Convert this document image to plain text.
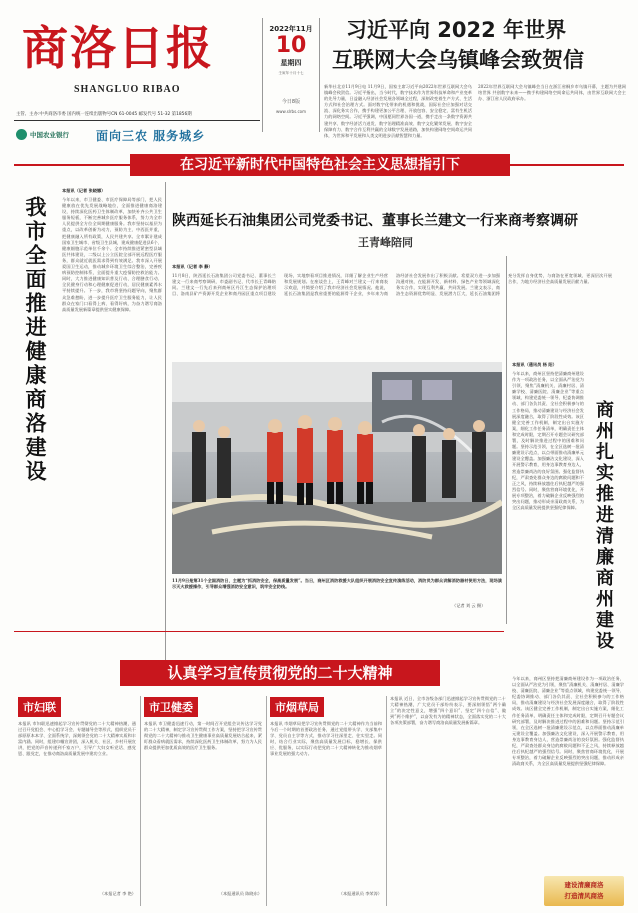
商洛日报
SHANGLUO RIBAO
2022年11月
10
星期四
壬寅年十月十七
今日8版
www.slrbs.com
主管、主办:中共商洛市委 国内统一连续出版物号CN 61-0045 邮发代号 51-32 第1856期
中国农业银行 面向三农 服务城乡
习近平向 2022 年世界
互联网大会乌镇峰会致贺信
新华社北京11月9日电 11月9日，国家主席习近平向2022年世界互联网大会乌镇峰会致贺信。习近平指出，当今时代，数字技术作为世界科技革命和产业变革的先导力量，日益融入经济社会发展各领域全过程，深刻改变着生产方式、生活方式和社会治理方式。面对数字化带来的机遇和挑战，国际社会应加强对话交流、深化务实合作，携手构建更加公平合理、开放包容、安全稳定、富有生机活力的网络空间。习近平强调，中国愿同世界各国一道，携手走出一条数字资源共建共享、数字经济活力迸发、数字治理精准高效、数字文化繁荣发展、数字安全保障有力、数字合作互利共赢的全球数字发展道路，加快构建网络空间命运共同体，为世界和平发展和人类文明进步贡献智慧和力量。
2022年世界互联网大会乌镇峰会当日在浙江省桐乡市乌镇开幕，主题为共建网络世界 共创数字未来——携手构建网络空间命运共同体，由世界互联网大会主办、浙江省人民政府承办。
在习近平新时代中国特色社会主义思想指引下
我市全面推进健康商洛建设
本报讯（记者 张晓娜）
今年以来，市卫健委、市医疗保障局等部门，把人民健康放在优先发展战略地位，全面推进健康商洛建设，持续深化医药卫生体制改革，加快补齐公共卫生服务短板，不断完善城乡医疗服务体系，努力为全市人民提供全方位全周期健康服务。我市坚持以基层为重点，以改革创新为动力，预防为主、中西医并重，把健康融入所有政策，人民共建共享。全市累计建成国家卫生城市、省级卫生县城，建成健康促进县6个、健康细胞示范单位千余个。全市持续推进紧密型县域医共体建设，二级以上公立医院全部开展远程医疗服务，群众就近就医需求得到有效满足。我市深入开展爱国卫生运动，推动城乡环境卫生综合整治，完善疾病预防控制体系，全面提升重大疫情防控救治能力。同时，大力推进健康知识普及行动、合理膳食行动、全民健身行动和心理健康促进行动，居民健康素养水平持续提升。下一步，我市将坚持问题导向，聚焦群众急难愁盼，进一步提升医疗卫生服务能力，让人民群众在家门口看得上病、看得好病，为奋力谱写商洛高质量发展新篇章提供坚实健康保障。
陕西延长石油集团公司党委书记、董事长兰建文一行来商考察调研
王青峰陪同
本报讯（记者 李 静）
11月8日，陕西延长石油集团公司党委书记、董事长兰建文一行来商考察调研，市委副书记、代市长王青峰陪同。兰建文一行先后来到商州区丹江生态保护治理项目、洛南县矿产资源开发企业和商丹园区重点项目建设现场，实地察看项目推进情况，详细了解企业生产经营和发展规划。在座谈会上，王青峰对兰建文一行来商表示欢迎，并简要介绍了我市经济社会发展情况。他说，延长石油集团是我省重要的能源骨干企业，多年来为商洛经济社会发展作出了积极贡献。希望双方进一步加强沟通对接，在能源开发、新材料、绿色产业等领域深化务实合作，实现互利共赢、共同发展。兰建文表示，商洛生态资源优势明显、发展潜力巨大，延长石油集团将充分发挥自身优势，与商洛在更宽领域、更深层次开展合作，为地方经济社会高质量发展贡献力量。
11月9日是第31个全国消防日，主题为“抓消防安全，保高质量发展”。当日，商州区消防救援大队组织开展消防安全宣传演练活动，消防员为群众讲解消防器材使用方法，现场演示灭火救援操作，引导群众增强消防安全意识，筑牢安全防线。
（记者 刘 云 摄）
本报讯（通讯员 杨 阳）
今年以来，商州区坚持把清廉商州建设作为一项政治任务，以全面从严治党为引领，聚焦“清廉机关、清廉村居、清廉学校、清廉医院、清廉企业”等重点领域，构建党委统一领导、纪委协调推动、部门各负其责、全社会积极参与的工作格局，推动清廉建设与经济社会发展深度融合，取得了阶段性成效。该区健全完善工作机制，制定出台实施方案，细化工作任务清单，明确责任主体和完成时限，定期召开专题会议研究部署，及时解决推进过程中的困难和问题。坚持示范引领，在全区选树一批清廉建设示范点，以点带面推动清廉单元建设全覆盖。加强廉洁文化建设，深入开展警示教育，用身边事教育身边人，营造崇廉尚洁的良好氛围。强化监督执纪，严肃查处群众身边的腐败问题和不正之风，持续释放越往后执纪越严的强烈信号。同时，聚焦营商环境优化，开展专项整治，着力破解企业反映强烈的突出问题，推动形成亲清政商关系，为全区高质量发展提供坚强纪律保障。 商州扎实推进清廉商州建设
今年以来，商州区坚持把清廉商州建设作为一项政治任务，以全面从严治党为引领，聚焦“清廉机关、清廉村居、清廉学校、清廉医院、清廉企业”等重点领域，构建党委统一领导、纪委协调推动、部门各负其责、全社会积极参与的工作格局，推动清廉建设与经济社会发展深度融合，取得了阶段性成效。该区健全完善工作机制，制定出台实施方案，细化工作任务清单，明确责任主体和完成时限，定期召开专题会议研究部署，及时解决推进过程中的困难和问题。坚持示范引领，在全区选树一批清廉建设示范点，以点带面推动清廉单元建设全覆盖。加强廉洁文化建设，深入开展警示教育，用身边事教育身边人，营造崇廉尚洁的良好氛围。强化监督执纪，严肃查处群众身边的腐败问题和不正之风，持续释放越往后执纪越严的强烈信号。同时，聚焦营商环境优化，开展专项整治，着力破解企业反映强烈的突出问题，推动形成亲清政商关系，为全区高质量发展提供坚强纪律保障。
建设清廉商洛
打造清风商洛
认真学习宣传贯彻党的二十大精神
市妇联
本报讯 市妇联迅速掀起学习宣传贯彻党的二十大精神热潮，通过召开党组会、中心组学习会、专题辅导会等形式，组织党员干部原原本本学、全面系统学，深刻领会党的二十大精神实质和丰富内涵。同时，组建巾帼宣讲团，深入机关、社区、乡村开展宣讲，把党的声音传递到千家万户，引导广大妇女听党话、感党恩、跟党走，在推动商洛高质量发展中建功立业。
（本报记者 李 艳）
市卫健委
本报讯 市卫健委迅速行动，第一时间召开党组会议传达学习党的二十大精神，制定学习宣传贯彻工作方案，坚持把学习宣传贯彻党的二十大精神与推动卫生健康事业高质量发展结合起来，紧盯群众看病就医需求，持续深化医药卫生体制改革，努力为人民群众提供更加优质高效的医疗卫生服务。
（本报通讯员 陈晓东）
市烟草局
本报讯 市烟草局把学习宣传贯彻党的二十大精神作为当前和今后一个时期的首要政治任务，通过党组带头学、支部集中学、党员自主学等方式，推动学习往深里走、往实里走。同时，结合行业实际，聚焦高质量发展目标，稳增长、保供应、优服务，以实际行动把党的二十大精神转化为推动烟草事业发展的强大动力。
（本报通讯员 李荣涛）
本报讯 近日，全市各级各部门迅速掀起学习宣传贯彻党的二十大精神热潮，广大党员干部纷纷表示，要深刻领悟“两个确立”的决定性意义，增强“四个意识”、坚定“四个自信”、做到“两个维护”，以奋发有为的精神状态，全面落实党的二十大各项决策部署，奋力谱写商洛高质量发展新篇章。
